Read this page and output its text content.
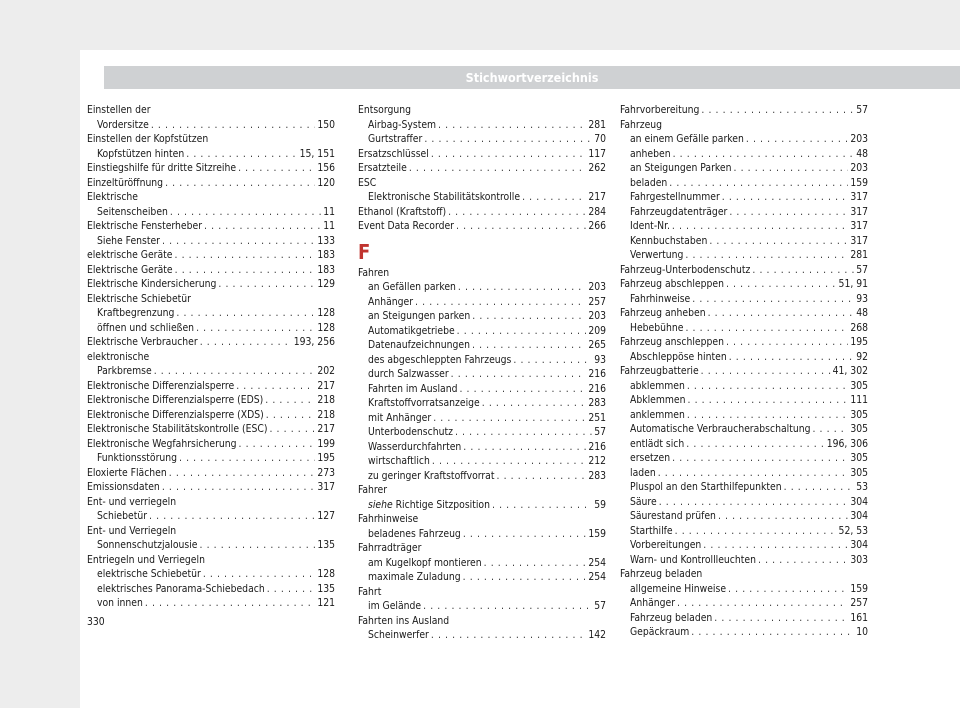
Stichwortverzeichnis
Einstellen der
Vordersitze . . .	150
Einstellen der Kopfstützen
Kopfstützen hinten . . .	15, 151
Einstiegshilfe für dritte Sitzreihe . . .	156
Einzeltüröffnung . . .	120
Elektrische
Seitenscheiben . . .	11
Elektrische Fensterheber . . .	11
Siehe Fenster . . .	133
elektrische Geräte . . .	183
Elektrische Geräte . . .	183
Elektrische Kindersicherung . . .	129
Elektrische Schiebetür
Kraftbegrenzung . . .	128
öffnen und schließen . . .	128
Elektrische Verbraucher . . .	193, 256
elektronische
Parkbremse . . .	202
Elektronische Differenzialsperre . . .	217
Elektronische Differenzialsperre (EDS) . . .	218
Elektronische Differenzialsperre (XDS) . . .	218
Elektronische Stabilitätskontrolle (ESC) . . .	217
Elektronische Wegfahrsicherung . . .	199
Funktionsstörung . . .	195
Eloxierte Flächen . . .	273
Emissionsdaten . . .	317
Ent- und verriegeln
Schiebetür . . .	127
Ent- und Verriegeln
Sonnenschutzjalousie . . .	135
Entriegeln und Verriegeln
elektrische Schiebetür . . .	128
elektrisches Panorama-Schiebedach . . .	135
von innen . . .	121
Entsorgung
Airbag-System . . .	281
Gurtstraffer . . .	70
Ersatzschlüssel . . .	117
Ersatzteile . . .	262
ESC
Elektronische Stabilitätskontrolle . . .	217
Ethanol (Kraftstoff) . . .	284
Event Data Recorder . . .	266
F
Fahren
an Gefällen parken . . .	203
Anhänger . . .	257
an Steigungen parken . . .	203
Automatikgetriebe . . .	209
Datenaufzeichnungen . . .	265
des abgeschleppten Fahrzeugs . . .	93
durch Salzwasser . . .	216
Fahrten im Ausland . . .	216
Kraftstoffvorratsanzeige . . .	283
mit Anhänger . . .	251
Unterbodenschutz . . .	57
Wasserdurchfahrten . . .	216
wirtschaftlich . . .	212
zu geringer Kraftstoffvorrat . . .	283
Fahrer
siehe Richtige Sitzposition . . .	59
Fahrhinweise
beladenes Fahrzeug . . .	159
Fahrradträger
am Kugelkopf montieren . . .	254
maximale Zuladung . . .	254
Fahrt
im Gelände . . .	57
Fahrten ins Ausland
Scheinwerfer . . .	142
Fahrvorbereitung . . .	57
Fahrzeug
an einem Gefälle parken . . .	203
anheben . . .	48
an Steigungen Parken . . .	203
beladen . . .	159
Fahrgestellnummer . . .	317
Fahrzeugdatenträger . . .	317
Ident-Nr. . . .	317
Kennbuchstaben . . .	317
Verwertung . . .	281
Fahrzeug-Unterbodenschutz . . .	57
Fahrzeug abschleppen . . .	51, 91
Fahrhinweise . . .	93
Fahrzeug anheben . . .	48
Hebebühne . . .	268
Fahrzeug anschleppen . . .	195
Abschleppöse hinten . . .	92
Fahrzeugbatterie . . .	41, 302
abklemmen . . .	305
Abklemmen . . .	111
anklemmen . . .	305
Automatische Verbraucherabschaltung . . .	305
entlädt sich . . .	196, 306
ersetzen . . .	305
laden . . .	305
Pluspol an den Starthilfepunkten . . .	53
Säure . . .	304
Säurestand prüfen . . .	304
Starthilfe . . .	52, 53
Vorbereitungen . . .	304
Warn- und Kontrollleuchten . . .	303
Fahrzeug beladen
allgemeine Hinweise . . .	159
Anhänger . . .	257
Fahrzeug beladen . . .	161
Gepäckraum . . .	10
330
